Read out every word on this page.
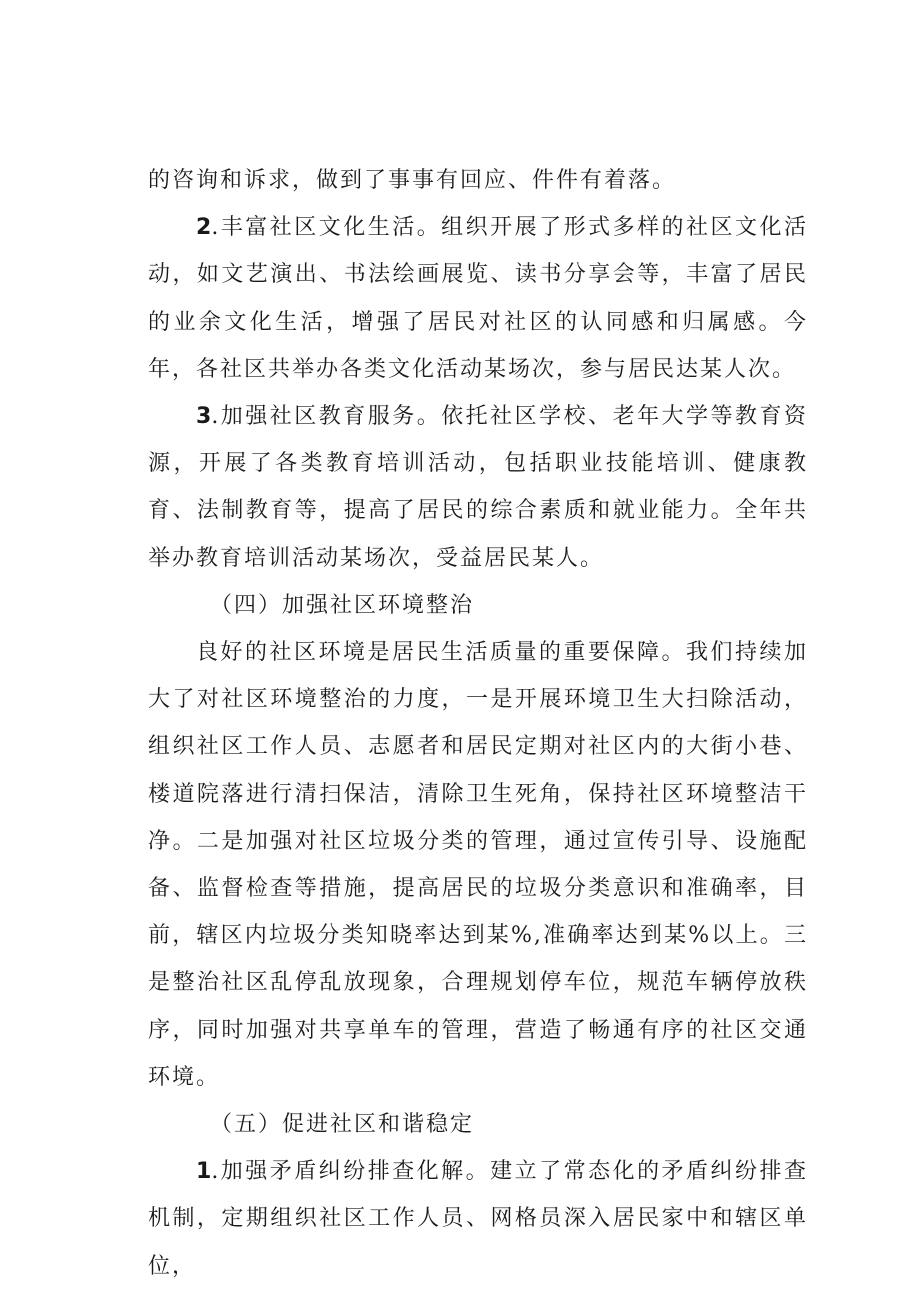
的咨询和诉求，做到了事事有回应、件件有着落。

2.丰富社区文化生活。组织开展了形式多样的社区文化活动，如文艺演出、书法绘画展览、读书分享会等，丰富了居民的业余文化生活，增强了居民对社区的认同感和归属感。今年，各社区共举办各类文化活动某场次，参与居民达某人次。

3.加强社区教育服务。依托社区学校、老年大学等教育资源，开展了各类教育培训活动，包括职业技能培训、健康教育、法制教育等，提高了居民的综合素质和就业能力。全年共举办教育培训活动某场次，受益居民某人。

（四）加强社区环境整治

良好的社区环境是居民生活质量的重要保障。我们持续加大了对社区环境整治的力度，一是开展环境卫生大扫除活动，组织社区工作人员、志愿者和居民定期对社区内的大街小巷、楼道院落进行清扫保洁，清除卫生死角，保持社区环境整洁干净。二是加强对社区垃圾分类的管理，通过宣传引导、设施配备、监督检查等措施，提高居民的垃圾分类意识和准确率，目前，辖区内垃圾分类知晓率达到某%,准确率达到某%以上。三是整治社区乱停乱放现象，合理规划停车位，规范车辆停放秩序，同时加强对共享单车的管理，营造了畅通有序的社区交通环境。

（五）促进社区和谐稳定

1.加强矛盾纠纷排查化解。建立了常态化的矛盾纠纷排查机制，定期组织社区工作人员、网格员深入居民家中和辖区单位，
